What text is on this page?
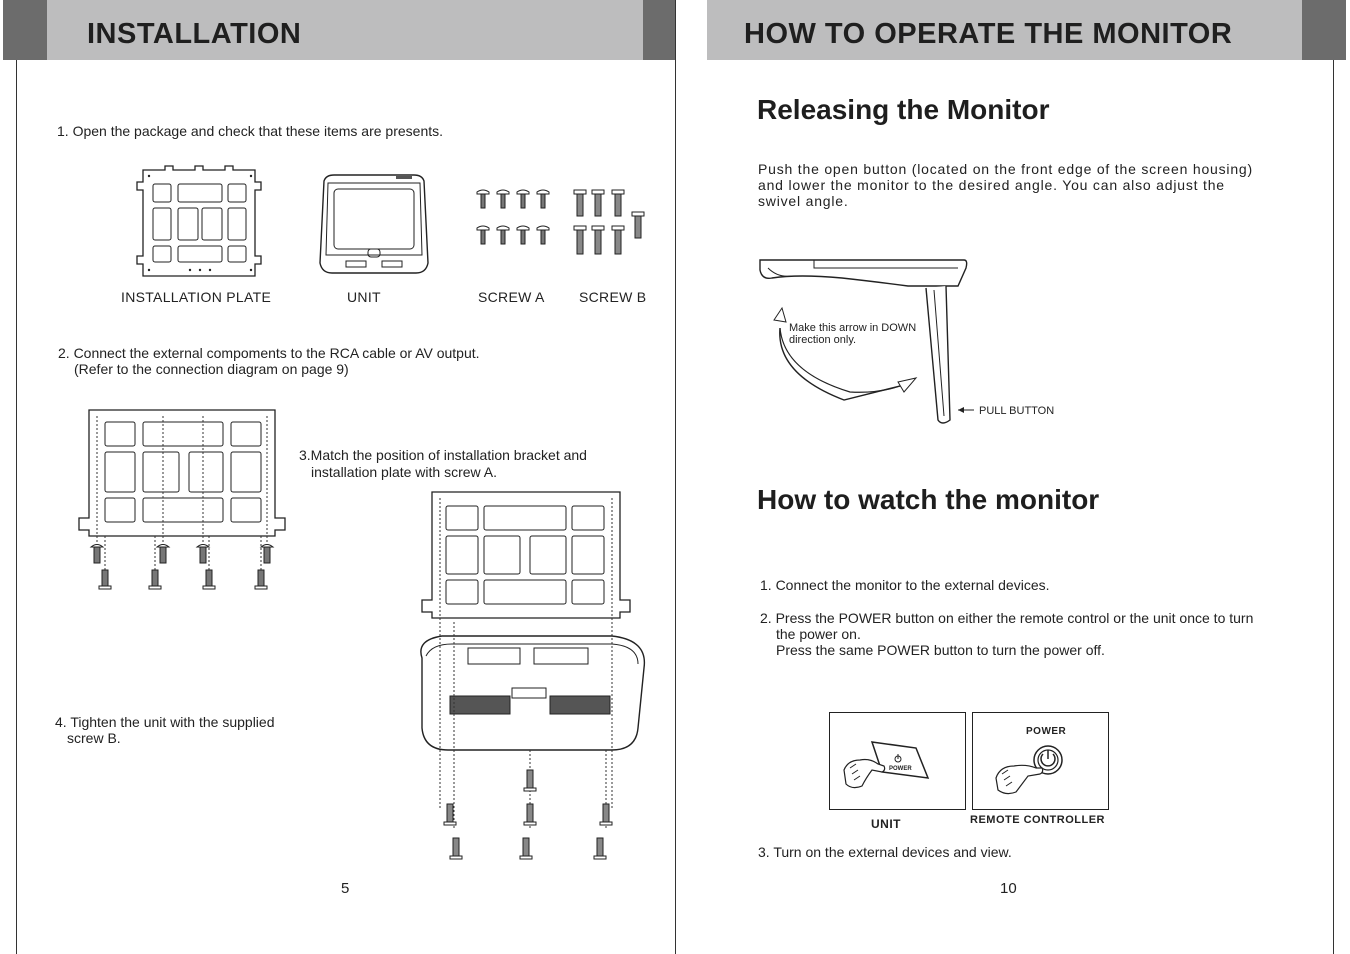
INSTALLATION	HOW TO OPERATE THE MONITOR
1. Open the package and check that these items are presents.
INSTALLATION PLATE	UNIT	SCREW A SCREW B
2. Connect the external compoments to the RCA cable or AV output.
(Refer to the connection diagram on page 9)
3.Match the position of installation bracket and
installation plate with screw A.
4. Tighten the unit with the supplied
screw B.
5
Releasing the Monitor
Push the open button (located on the front edge of the screen housing)
and lower the monitor to the desired angle. You can also adjust the
swivel angle.
Make this arrow in DOWN
direction only.
PULL BUTTON
How to watch the monitor
1. Connect the monitor to the external devices.
2. Press the POWER button on either the remote control or the unit once to turn
the power on.
Press the same POWER button to turn the power off.
POWER
POWER
UNIT	REMOTE CONTROLLER
3. Turn on the external devices and view.
10
